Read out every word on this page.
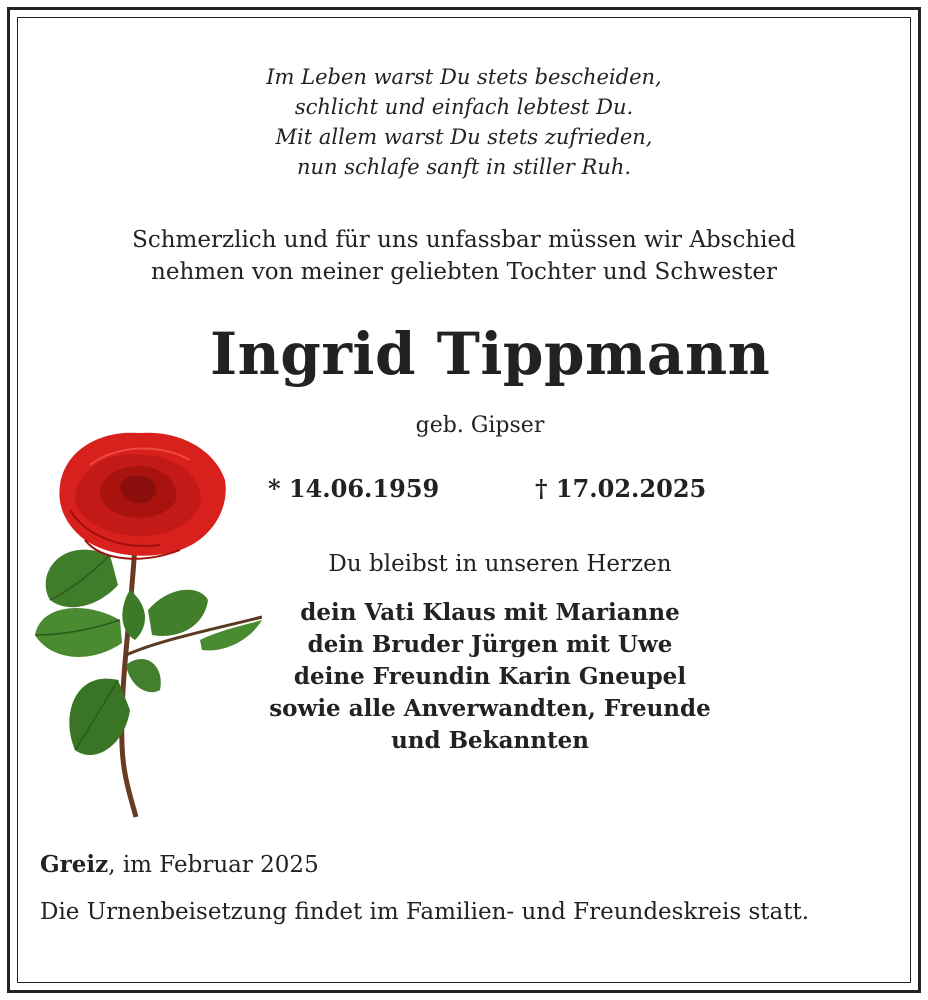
Im Leben warst Du stets bescheiden,
schlicht und einfach lebtest Du.
Mit allem warst Du stets zufrieden,
nun schlafe sanft in stiller Ruh.
Schmerzlich und für uns unfassbar müssen wir Abschied
nehmen von meiner geliebten Tochter und Schwester
Ingrid Tippmann
geb. Gipser
* 14.06.1959	† 17.02.2025
Du bleibst in unseren Herzen
dein Vati Klaus mit Marianne
dein Bruder Jürgen mit Uwe
deine Freundin Karin Gneupel
sowie alle Anverwandten, Freunde
und Bekannten
Greiz, im Februar 2025
Die Urnenbeisetzung findet im Familien- und Freundeskreis statt.
